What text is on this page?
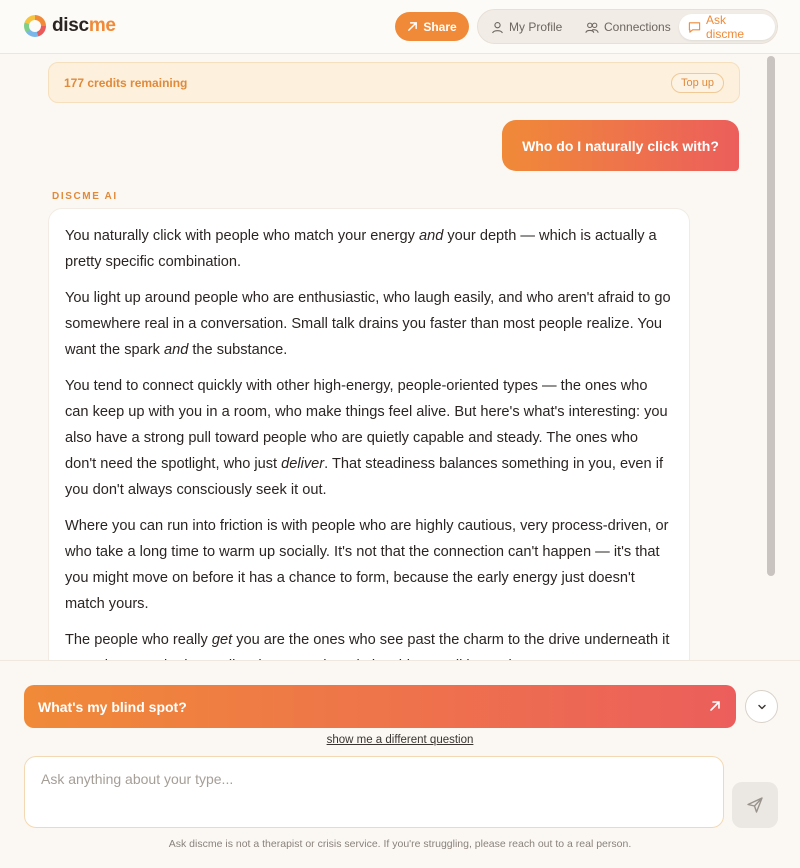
discme	Share	My Profile	Connections	Ask discme
177 credits remaining	Top up
Who do I naturally click with?
DISCME AI

You naturally click with people who match your energy and your depth — which is actually a pretty specific combination.

You light up around people who are enthusiastic, who laugh easily, and who aren't afraid to go somewhere real in a conversation. Small talk drains you faster than most people realize. You want the spark and the substance.

You tend to connect quickly with other high-energy, people-oriented types — the ones who can keep up with you in a room, who make things feel alive. But here's what's interesting: you also have a strong pull toward people who are quietly capable and steady. The ones who don't need the spotlight, who just deliver. That steadiness balances something in you, even if you don't always consciously seek it out.

Where you can run into friction is with people who are highly cautious, very process-driven, or who take a long time to warm up socially. It's not that the connection can't happen — it's that you might move on before it has a chance to form, because the early energy just doesn't match yours.

The people who really get you are the ones who see past the charm to the drive underneath it

What's my blind spot?
show me a different question
Ask anything about your type...
Ask discme is not a therapist or crisis service. If you're struggling, please reach out to a real person.
